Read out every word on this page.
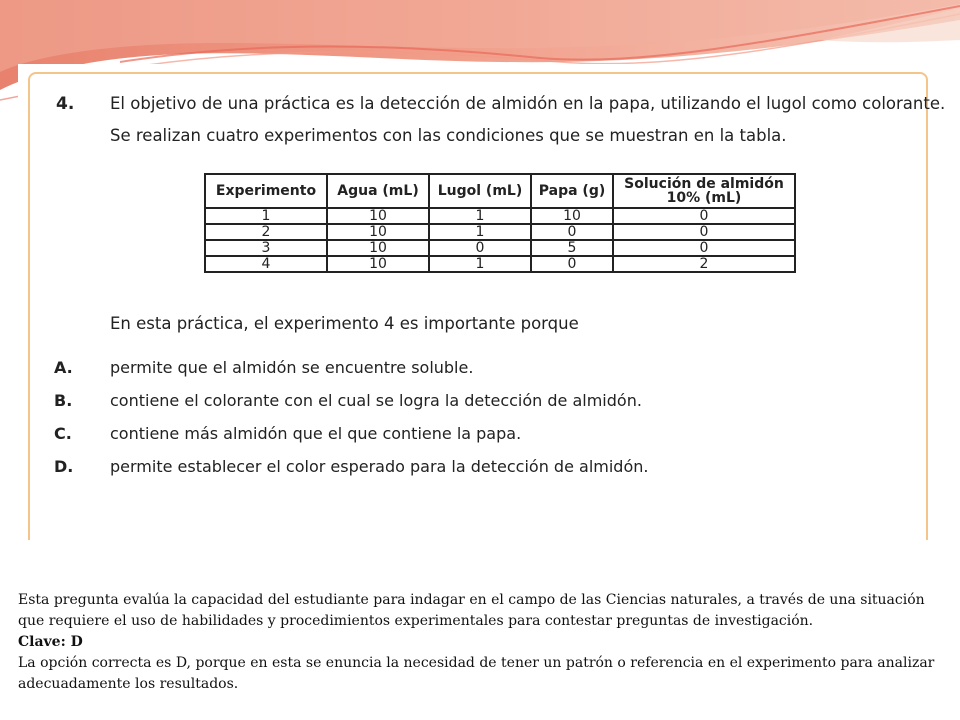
4. El objetivo de una práctica es la detección de almidón en la papa, utilizando el lugol como colorante.
Se realizan cuatro experimentos con las condiciones que se muestran en la tabla.
Experimento	Agua (mL)	Lugol (mL)	Papa (g)	Solución de almidón 10% (mL)
1	10	1	10	0
2	10	1	0	0
3	10	0	5	0
4	10	1	0	2
En esta práctica, el experimento 4 es importante porque
A. permite que el almidón se encuentre soluble.
B. contiene el colorante con el cual se logra la detección de almidón.
C. contiene más almidón que el que contiene la papa.
D. permite establecer el color esperado para la detección de almidón.

Esta pregunta evalúa la capacidad del estudiante para indagar en el campo de las Ciencias naturales, a través de una situación que requiere el uso de habilidades y procedimientos experimentales para contestar preguntas de investigación.

Clave: D

La opción correcta es D, porque en esta se enuncia la necesidad de tener un patrón o referencia en el experimento para analizar adecuadamente los resultados.
